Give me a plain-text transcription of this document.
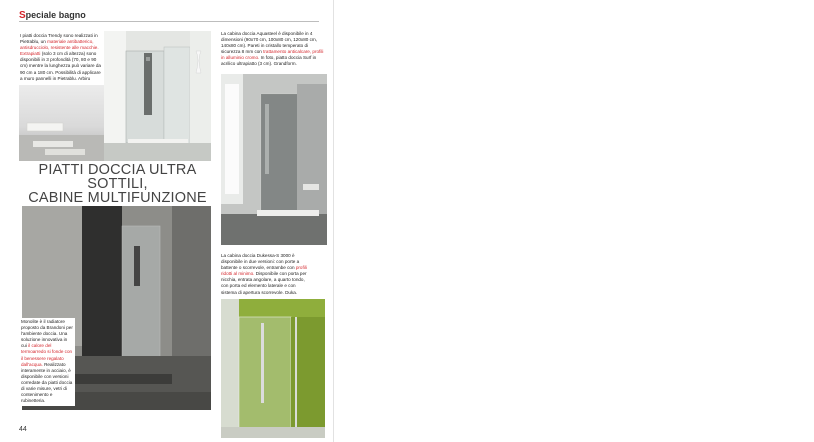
Speciale bagno
I piatti doccia Trendy sono realizzati in Pietrablu, un materiale antibatterico, antisdrucciolo, resistente alle macchie. Extrapiatti (solo 3 cm di altezza) sono disponibili in 3 profondità (70, 80 e 90 cm) mentre la lunghezza può variare da 90 cm a 180 cm. Possibilità di applicare a muro pannelli in Pietrablu. Arbiru
PIATTI DOCCIA ULTRA SOTTILI,
CABINE MULTIFUNZIONE
Monolite è il radiatore proposto da Brandoni per l'ambiente doccia. Una soluzione innovativa in cui il calore del termoarredo si fonde con il benessere regalato dall'acqua. Realizzato interamente in acciaio, è disponibile con versioni corredate da piatti doccia di varie misure, vetri di contenimento e rubinetteria.
La cabina doccia Aquasteel è disponibile in 4 dimensioni (90x70 cm, 100x80 cm, 120x80 cm, 140x80 cm). Pareti in cristallo temperato di sicurezza 8 mm con trattamento anticalcare, profili in alluminio cromo. In foto, piatto doccia Surf in acrilico ultrapiatto (3 cm). Grandform.
La cabina doccia Dukessa-S 3000 è disponibile in due versioni: con porte a battente o scorrevole, entrambe con profili ridotti al minimo. Disponibile con porta per nicchia, entrata angolare, a quarto tondo, con porta ed elemento laterale e con sistema di apertura scorrevole. Duka.
44
